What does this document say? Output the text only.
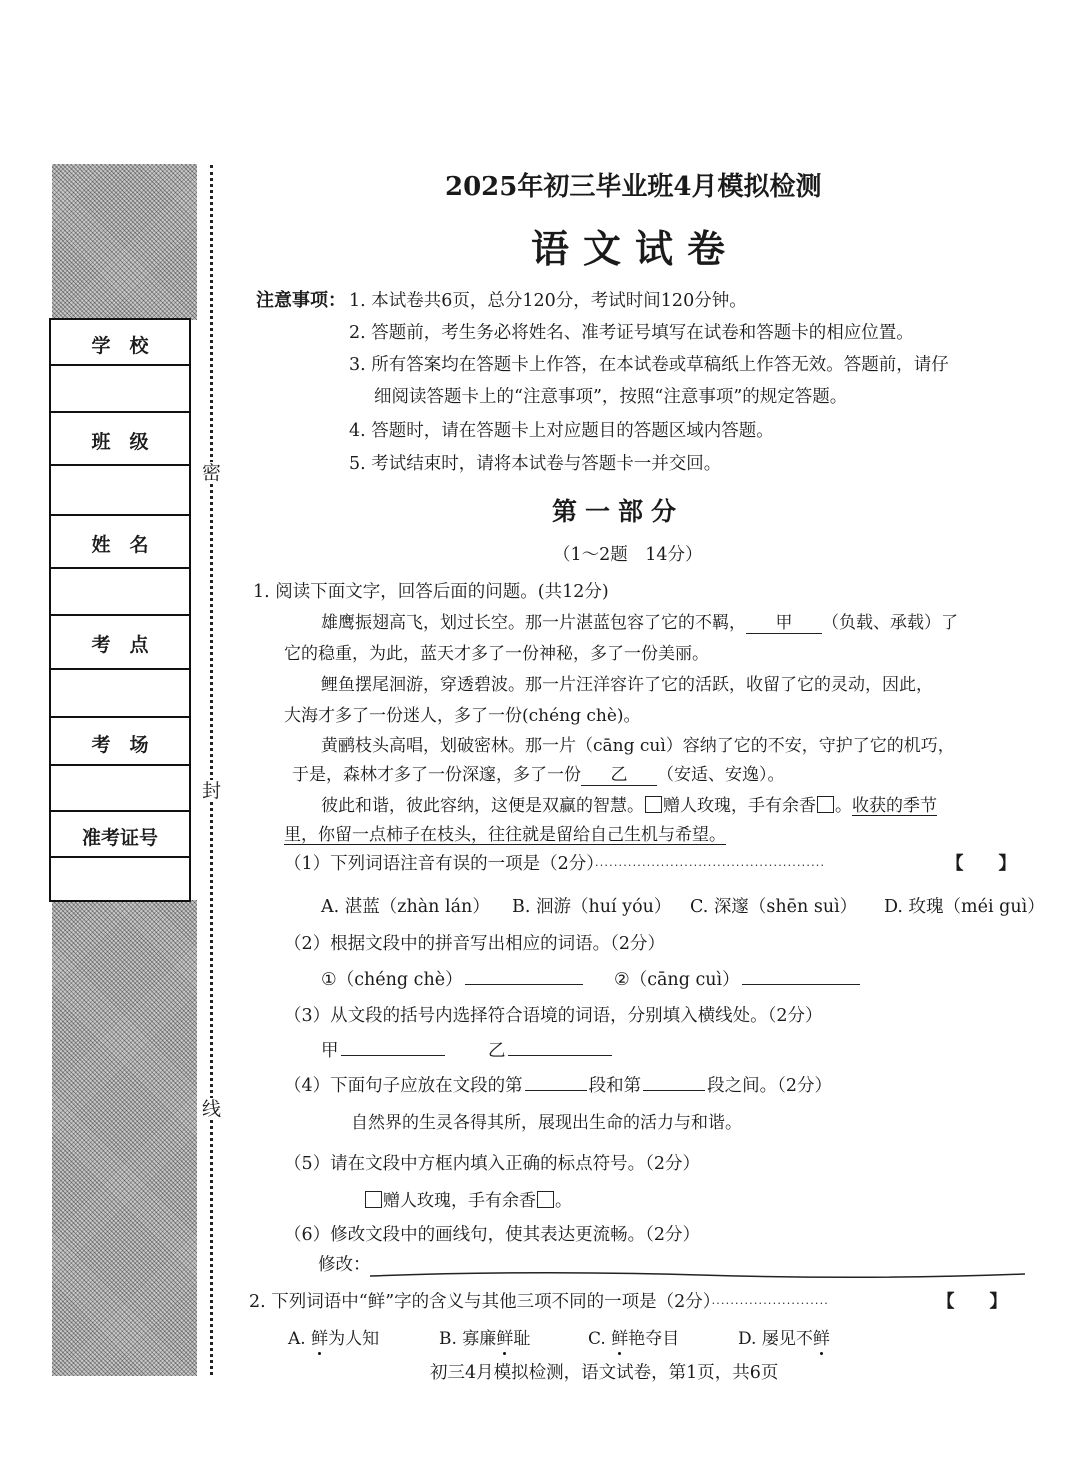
学　校
班　级
姓　名
考　点
考　场
准考证号
密
封
线
2025年初三毕业班4月模拟检测
语文试卷
注意事项： 1. 本试卷共6页，总分120分，考试时间120分钟。
2. 答题前，考生务必将姓名、准考证号填写在试卷和答题卡的相应位置。
3. 所有答案均在答题卡上作答，在本试卷或草稿纸上作答无效。答题前，请仔
细阅读答题卡上的“注意事项”，按照“注意事项”的规定答题。
4. 答题时，请在答题卡上对应题目的答题区域内答题。
5. 考试结束时，请将本试卷与答题卡一并交回。
第一部分
（1～2题　14分）
1. 阅读下面文字，回答后面的问题。(共12分)
雄鹰振翅高飞，划过长空。那一片湛蓝包容了它的不羁， 甲 （负载、承载）了
它的稳重，为此，蓝天才多了一份神秘，多了一份美丽。
鲤鱼摆尾洄游，穿透碧波。那一片汪洋容许了它的活跃，收留了它的灵动，因此，
大海才多了一份迷人，多了一份(chéng chè)。
黄鹂枝头高唱，划破密林。那一片（cāng cuì）容纳了它的不安，守护了它的机巧，
于是，森林才多了一份深邃，多了一份 乙 （安适、安逸）。
彼此和谐，彼此容纳，这便是双赢的智慧。 赠人玫瑰，手有余香 。收获的季节
里，你留一点柿子在枝头，往往就是留给自己生机与希望。
（1）下列词语注音有误的一项是（2分）·················································	【　　】
A. 湛蓝（zhàn lán） B. 洄游（huí yóu） C. 深邃（shēn suì） D. 玫瑰（méi guì）
（2）根据文段中的拼音写出相应的词语。（2分）
①（chéng chè）	②（cāng cuì）
（3）从文段的括号内选择符合语境的词语，分别填入横线处。（2分）
甲	乙
（4）下面句子应放在文段的第	段和第	段之间。（2分）
自然界的生灵各得其所，展现出生命的活力与和谐。
（5）请在文段中方框内填入正确的标点符号。（2分）
赠人玫瑰，手有余香 。
（6）修改文段中的画线句，使其表达更流畅。（2分）
修改：
2. 下列词语中“鲜”字的含义与其他三项不同的一项是（2分）·························	【　　】
A. 鲜为人知	B. 寡廉鲜耻	C. 鲜艳夺目	D. 屡见不鲜
初三4月模拟检测，语文试卷，第1页，共6页
